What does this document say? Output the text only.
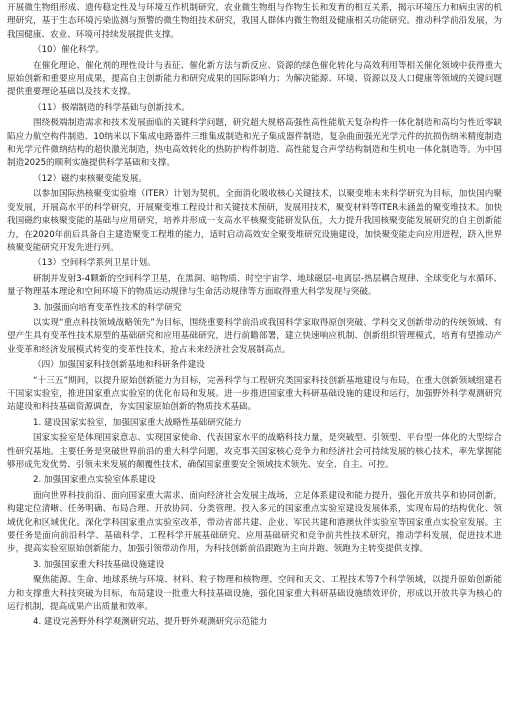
开展微生物组形成、遗传稳定性及与环境互作机制研究，农业微生物组与作物生长和发育的相互关系，揭示环境压力和病虫害的机理研究，基于生态环境污染监测与预警的微生物组技术研究，我国人群体内微生物组及健康相关功能研究。推动科学前沿发展，为我国健康、农业、环境可持续发展提供支撑。

（10）催化科学。

在催化理论、催化剂的理性设计与表征、催化新方法与新反应、资源的绿色催化转化与高效利用等相关催化领域中获得重大原始创新和重要应用成果，提高自主创新能力和研究成果的国际影响力；为解决能源、环境、资源以及人口健康等领域的关键问题提供重要理论基础以及技术支撑。

（11）极端制造的科学基础与创新技术。

围绕极端制造需求和技术发展面临的关键科学问题，研究超大规格高强性高性能航天复杂构件一体化制造和高均匀性近零缺陷应力航空构件制造、10纳米以下集成电路器件三维集成制造和光子集成器件制造，复杂曲面强光光学元件的抗损伤纳米精度制造和光学元件微纳结构的超快激光制造，热电高效转化的热防护构件制造、高性能复合声学结构制造和生机电一体化制造等。为中国制造2025的顺利实施提供科学基础和支撑。

（12）磁约束核聚变能发展。

以参加国际热核聚变实验堆（ITER）计划为契机，全面消化吸收核心关键技术，以聚变堆未来科学研究为目标，加快国内聚变发展，开展高水平的科学研究，开展聚变堆工程设计和关键技术预研，发展用技术，聚变材料等ITER未涵盖的聚变堆技术。加快我国磁约束核聚变能的基础与应用研究，培养并形成一支高水平核聚变能研发队伍，大力提升我国核聚变能发展研究的自主创新能力，在2020年前后具备自主建造聚变工程堆的能力，适时启动高效安全聚变堆研究设施建设，加快聚变能走向应用进程，跻入世界核聚变能研究开发先进行列。

（13）空间科学系列卫星计划。

研制并发射3-4颗新的空间科学卫星，在黑洞、暗物质、时空宇宙学、地球磁层-电离层-热层耦合规律、全球变化与水循环、量子物理基本理论和空间环境下的物质运动规律与生命活动规律等方面取得重大科学发现与突破。

3. 加强面向培育变革性技术的科学研究

以实现“重点科技领域战略领先”为目标，围绕重要科学前沿或我国科学家取得原创突破、学科交叉创新带动的传统领域、有望产生具有变革性技术原型的基础研究和应用基础研究，进行前瞻部署，建立快速响应机制、创新组织管理模式，培育有望推动产业变革和经济发展模式转变的变革性技术，抢占未来经济社会发展制高点。

（四）加强国家科技创新基地和科研条件建设

“十三五”期间，以提升原始创新能力为目标，完善科学与工程研究类国家科技创新基地建设与布局，在重大创新领域组建若干国家实验室，推进国家重点实验室的优化布局和发展。进一步推进国家重大科研基础设施的建设和运行，加强野外科学观测研究站建设和科技基础资源调查，夯实国家原始创新的物质技术基础。

1. 建设国家实验室，加强国家重大战略性基础研究能力

国家实验室是体现国家意志、实现国家使命、代表国家水平的战略科技力量，是突破型、引领型、平台型一体化的大型综合性研究基地。主要任务是突破世界前沿的重大科学问题，攻克事关国家核心竞争力和经济社会可持续发展的核心技术，率先掌握能够形成先发优势、引领未来发展的颠覆性技术，确保国家重要安全领域技术领先、安全、自主、可控。

2. 加强国家重点实验室体系建设

面向世界科技前沿、面向国家重大需求、面向经济社会发展主战场，立足体系建设和能力提升，强化开放共享和协同创新，构建定位清晰、任务明确、布局合理、开放协同、分类管理、投入多元的国家重点实验室建设发展体系，实现布局的结构优化、领域优化和区域优化。深化学科国家重点实验室改革，带动省部共建、企业、军民共建和港澳伙伴实验室等国家重点实验室发展。主要任务是面向前沿科学、基础科学、工程科学开展基础研究、应用基础研究和竞争前共性技术研究，推动学科发展，促进技术进步，提高实验室原始创新能力，加强引领带动作用，为科技创新前沿跟跑为主向并跑、领跑为主转变提供支撑。

3. 加强国家重大科技基础设施建设

聚焦能源、生命、地球系统与环境、材料、粒子物理和核物理、空间和天文、工程技术等7个科学领域，以提升原始创新能力和支撑重大科技突破为目标，布局建设一批重大科技基础设施，强化国家重大科研基础设施绩效评价，形成以开放共享为核心的运行机制，提高成果产出质量和效率。

4. 建设完善野外科学观测研究站，提升野外观测研究示范能力
